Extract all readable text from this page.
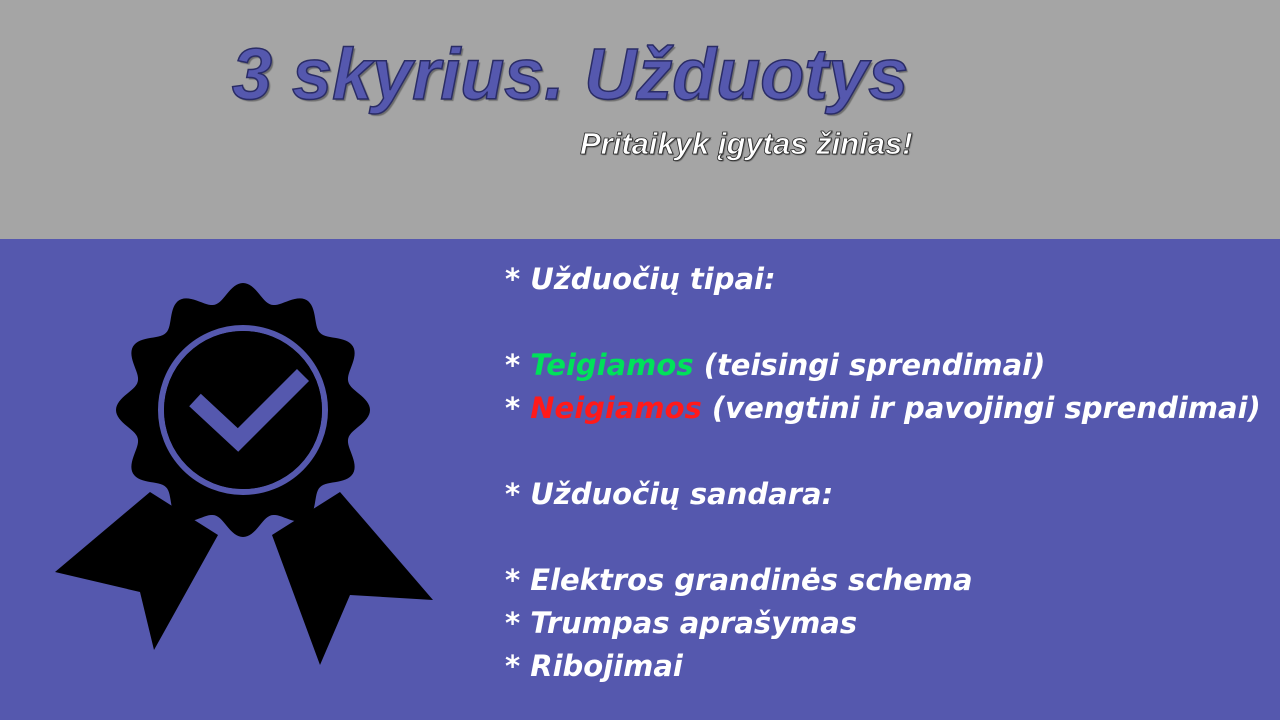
3 skyrius. Užduotys
Pritaikyk įgytas žinias!
* Užduočių tipai:
* Teigiamos (teisingi sprendimai)
* Neigiamos (vengtini ir pavojingi sprendimai)
* Užduočių sandara:
* Elektros grandinės schema
* Trumpas aprašymas
* Ribojimai
